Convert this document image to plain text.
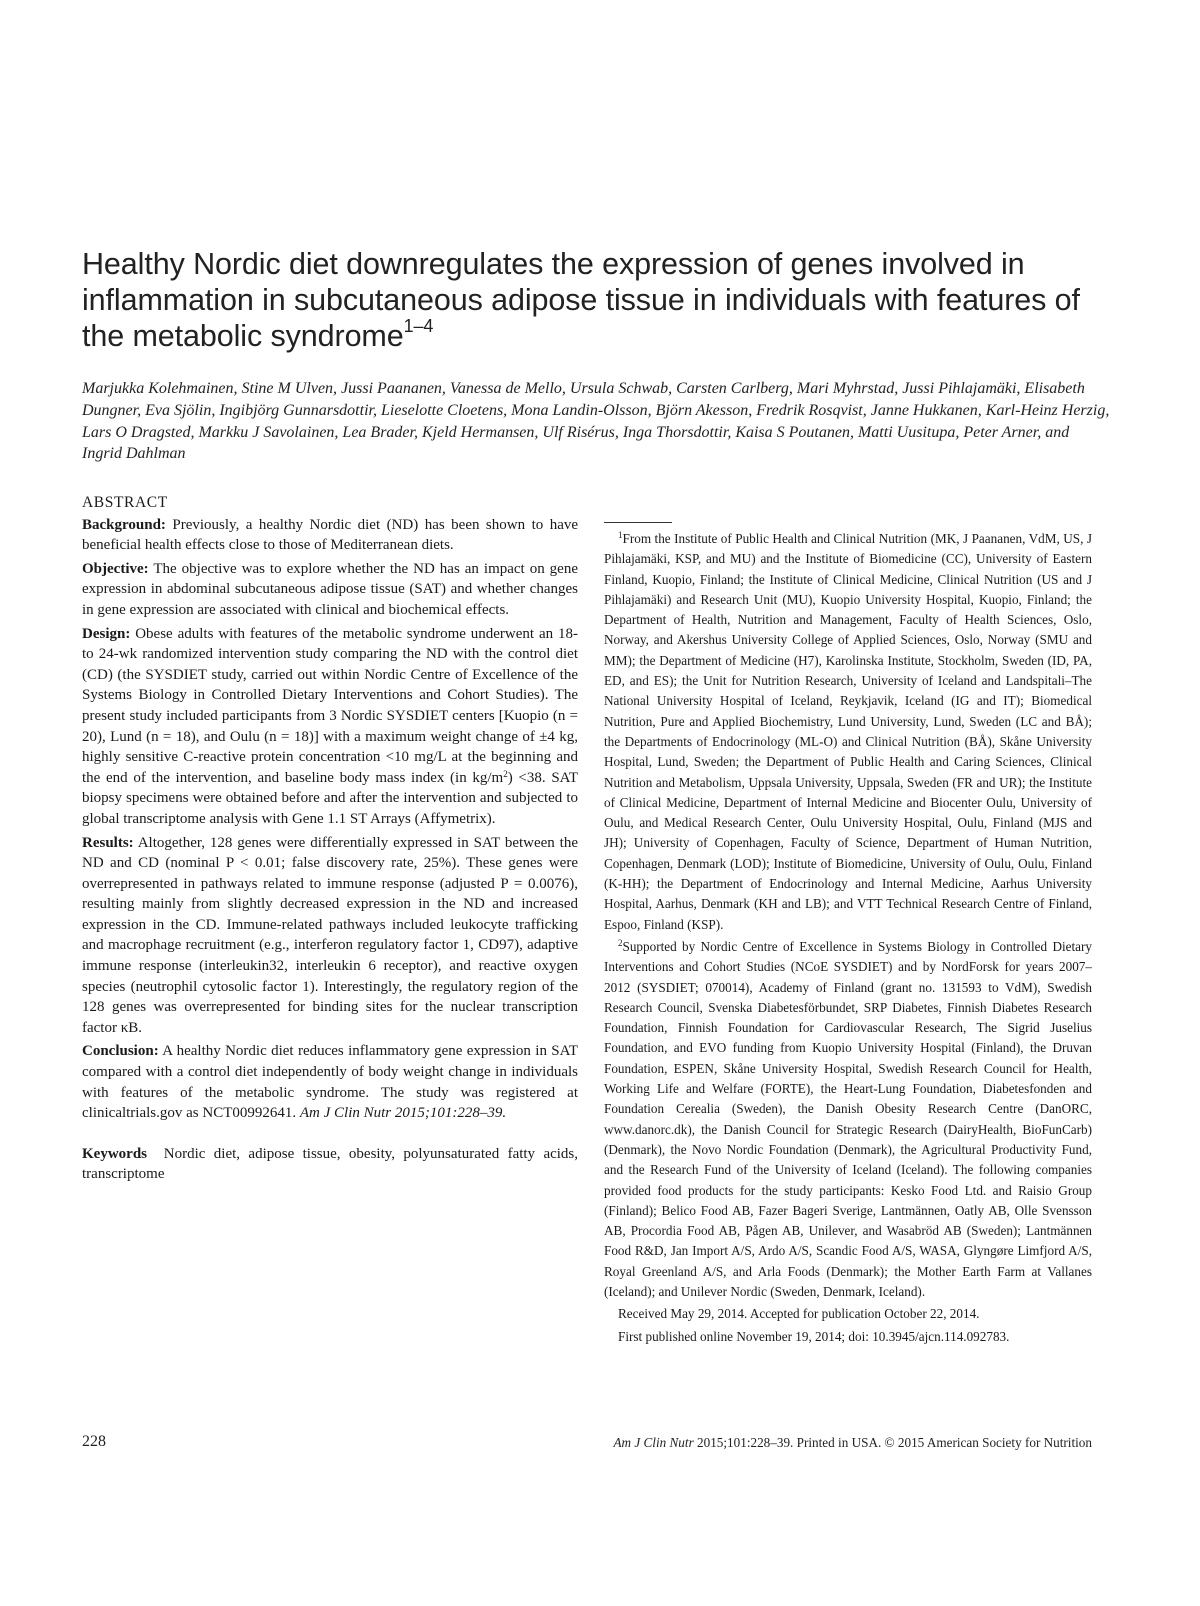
Healthy Nordic diet downregulates the expression of genes involved in inflammation in subcutaneous adipose tissue in individuals with features of the metabolic syndrome$^{1-4}$
Marjukka Kolehmainen, Stine M Ulven, Jussi Paananen, Vanessa de Mello, Ursula Schwab, Carsten Carlberg, Mari Myhrstad, Jussi Pihlajamäki, Elisabeth Dungner, Eva Sjölin, Ingibjörg Gunnarsdottir, Lieselotte Cloetens, Mona Landin-Olsson, Björn Akesson, Fredrik Rosqvist, Janne Hukkanen, Karl-Heinz Herzig, Lars O Dragsted, Markku J Savolainen, Lea Brader, Kjeld Hermansen, Ulf Risérus, Inga Thorsdottir, Kaisa S Poutanen, Matti Uusitupa, Peter Arner, and Ingrid Dahlman
ABSTRACT

Background: Previously, a healthy Nordic diet (ND) has been shown to have beneficial health effects close to those of Mediterranean diets.

Objective: The objective was to explore whether the ND has an impact on gene expression in abdominal subcutaneous adipose tissue (SAT) and whether changes in gene expression are associated with clinical and biochemical effects.

Design: Obese adults with features of the metabolic syndrome underwent an 18- to 24-wk randomized intervention study comparing the ND with the control diet (CD) (the SYSDIET study, carried out within Nordic Centre of Excellence of the Systems Biology in Controlled Dietary Interventions and Cohort Studies). The present study included participants from 3 Nordic SYSDIET centers [Kuopio (n = 20), Lund (n = 18), and Oulu (n = 18)] with a maximum weight change of ±4 kg, highly sensitive C-reactive protein concentration <10 mg/L at the beginning and the end of the intervention, and baseline body mass index (in $kg/m^2) <38$. SAT biopsy specimens were obtained before and after the intervention and subjected to global transcriptome analysis with Gene 1.1 ST Arrays (Affymetrix).

Results: Altogether, 128 genes were differentially expressed in SAT between the ND and CD (nominal P < 0.01; false discovery rate, 25%). These genes were overrepresented in pathways related to immune response (adjusted P = 0.0076), resulting mainly from slightly decreased expression in the ND and increased expression in the CD. Immune-related pathways included leukocyte trafficking and macrophage recruitment (e.g., interferon regulatory factor 1, CD97), adaptive immune response (interleukin32, interleukin 6 receptor), and reactive oxygen species (neutrophil cytosolic factor 1). Interestingly, the regulatory region of the 128 genes was overrepresented for binding sites for the nuclear transcription factor κB.

Conclusion: A healthy Nordic diet reduces inflammatory gene expression in SAT compared with a control diet independently of body weight change in individuals with features of the metabolic syndrome. The study was registered at clinicaltrials.gov as NCT00992641. Am J Clin Nutr 2015;101:228–39.

Keywords Nordic diet, adipose tissue, obesity, polyunsaturated fatty acids, transcriptome

$^1$From the Institute of Public Health and Clinical Nutrition (MK, J Paananen, VdM, US, J Pihlajamäki, KSP, and MU) and the Institute of Biomedicine (CC), University of Eastern Finland, Kuopio, Finland; the Institute of Clinical Medicine, Clinical Nutrition (US and J Pihlajamäki) and Research Unit (MU), Kuopio University Hospital, Kuopio, Finland; the Department of Health, Nutrition and Management, Faculty of Health Sciences, Oslo, Norway, and Akershus University College of Applied Sciences, Oslo, Norway (SMU and MM); the Department of Medicine (H7), Karolinska Institute, Stockholm, Sweden (ID, PA, ED, and ES); the Unit for Nutrition Research, University of Iceland and Landspitali–The National University Hospital of Iceland, Reykjavik, Iceland (IG and IT); Biomedical Nutrition, Pure and Applied Biochemistry, Lund University, Lund, Sweden (LC and BÅ); the Departments of Endocrinology (ML-O) and Clinical Nutrition (BÅ), Skåne University Hospital, Lund, Sweden; the Department of Public Health and Caring Sciences, Clinical Nutrition and Metabolism, Uppsala University, Uppsala, Sweden (FR and UR); the Institute of Clinical Medicine, Department of Internal Medicine and Biocenter Oulu, University of Oulu, and Medical Research Center, Oulu University Hospital, Oulu, Finland (MJS and JH); University of Copenhagen, Faculty of Science, Department of Human Nutrition, Copenhagen, Denmark (LOD); Institute of Biomedicine, University of Oulu, Oulu, Finland (K-HH); the Department of Endocrinology and Internal Medicine, Aarhus University Hospital, Aarhus, Denmark (KH and LB); and VTT Technical Research Centre of Finland, Espoo, Finland (KSP).

$^2$Supported by Nordic Centre of Excellence in Systems Biology in Controlled Dietary Interventions and Cohort Studies (NCoE SYSDIET) and by NordForsk for years 2007–2012 (SYSDIET; 070014), Academy of Finland (grant no. 131593 to VdM), Swedish Research Council, Svenska Diabetesförbundet, SRP Diabetes, Finnish Diabetes Research Foundation, Finnish Foundation for Cardiovascular Research, The Sigrid Juselius Foundation, and EVO funding from Kuopio University Hospital (Finland), the Druvan Foundation, ESPEN, Skåne University Hospital, Swedish Research Council for Health, Working Life and Welfare (FORTE), the Heart-Lung Foundation, Diabetesfonden and Foundation Cerealia (Sweden), the Danish Obesity Research Centre (DanORC, www.danorc.dk), the Danish Council for Strategic Research (DairyHealth, BioFunCarb) (Denmark), the Novo Nordic Foundation (Denmark), the Agricultural Productivity Fund, and the Research Fund of the University of Iceland (Iceland). The following companies provided food products for the study participants: Kesko Food Ltd. and Raisio Group (Finland); Belico Food AB, Fazer Bageri Sverige, Lantmännen, Oatly AB, Olle Svensson AB, Procordia Food AB, Pågen AB, Unilever, and Wasabröd AB (Sweden); Lantmännen Food R&D, Jan Import A/S, Ardo A/S, Scandic Food A/S, WASA, Glyngøre Limfjord A/S, Royal Greenland A/S, and Arla Foods (Denmark); the Mother Earth Farm at Vallanes (Iceland); and Unilever Nordic (Sweden, Denmark, Iceland).

Received May 29, 2014. Accepted for publication October 22, 2014.

First published online November 19, 2014; doi: 10.3945/ajcn.114.092783.

228	Am J Clin Nutr 2015;101:228–39. Printed in USA. © 2015 American Society for Nutrition
